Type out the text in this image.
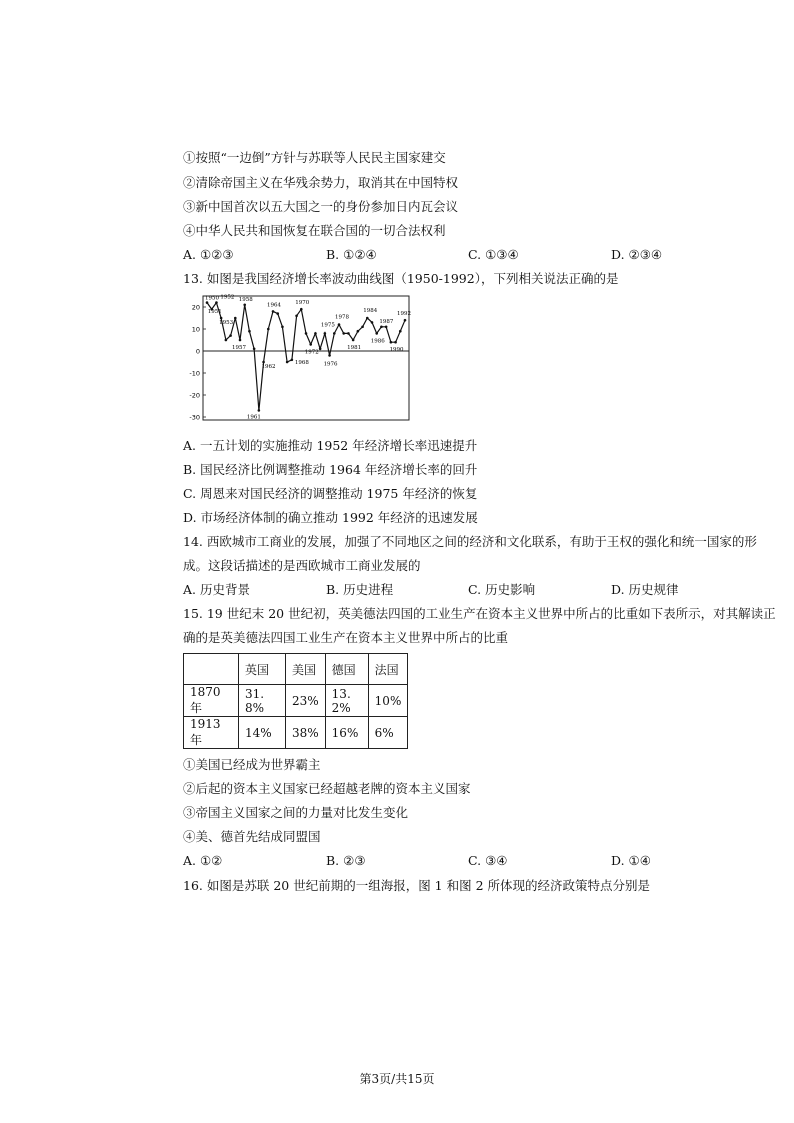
①按照“一边倒”方针与苏联等人民民主国家建交
②清除帝国主义在华残余势力，取消其在中国特权
③新中国首次以五大国之一的身份参加日内瓦会议
④中华人民共和国恢复在联合国的一切合法权利
A. ①②③	B. ①②④	C. ①③④	D. ②③④
13. 如图是我国经济增长率波动曲线图（1950-1992），下列相关说法正确的是
20
10
0
-10
-20
-30
1950 1952
1951
1953
1957
1958
1961
1962
1964
1968
1970
1972
1975
1976
1978
1981
1984
1986
1987
1990
1992
A. 一五计划的实施推动 1952 年经济增长率迅速提升
B. 国民经济比例调整推动 1964 年经济增长率的回升
C. 周恩来对国民经济的调整推动 1975 年经济的恢复
D. 市场经济体制的确立推动 1992 年经济的迅速发展
14. 西欧城市工商业的发展，加强了不同地区之间的经济和文化联系，有助于王权的强化和统一国家的形
成。这段话描述的是西欧城市工商业发展的
A. 历史背景	B. 历史进程	C. 历史影响	D. 历史规律
15. 19 世纪末 20 世纪初，英美德法四国的工业生产在资本主义世界中所占的比重如下表所示，对其解读正
确的是英美德法四国工业生产在资本主义世界中所占的比重
	英国	美国	德国	法国
1870 年	31. 8%	23%	13. 2%	10%
1913 年	14%	38%	16%	6%
①美国已经成为世界霸主
②后起的资本主义国家已经超越老牌的资本主义国家
③帝国主义国家之间的力量对比发生变化
④美、德首先结成同盟国
A. ①②	B. ②③	C. ③④	D. ①④
16. 如图是苏联 20 世纪前期的一组海报，图 1 和图 2 所体现的经济政策特点分别是
第3页/共15页
